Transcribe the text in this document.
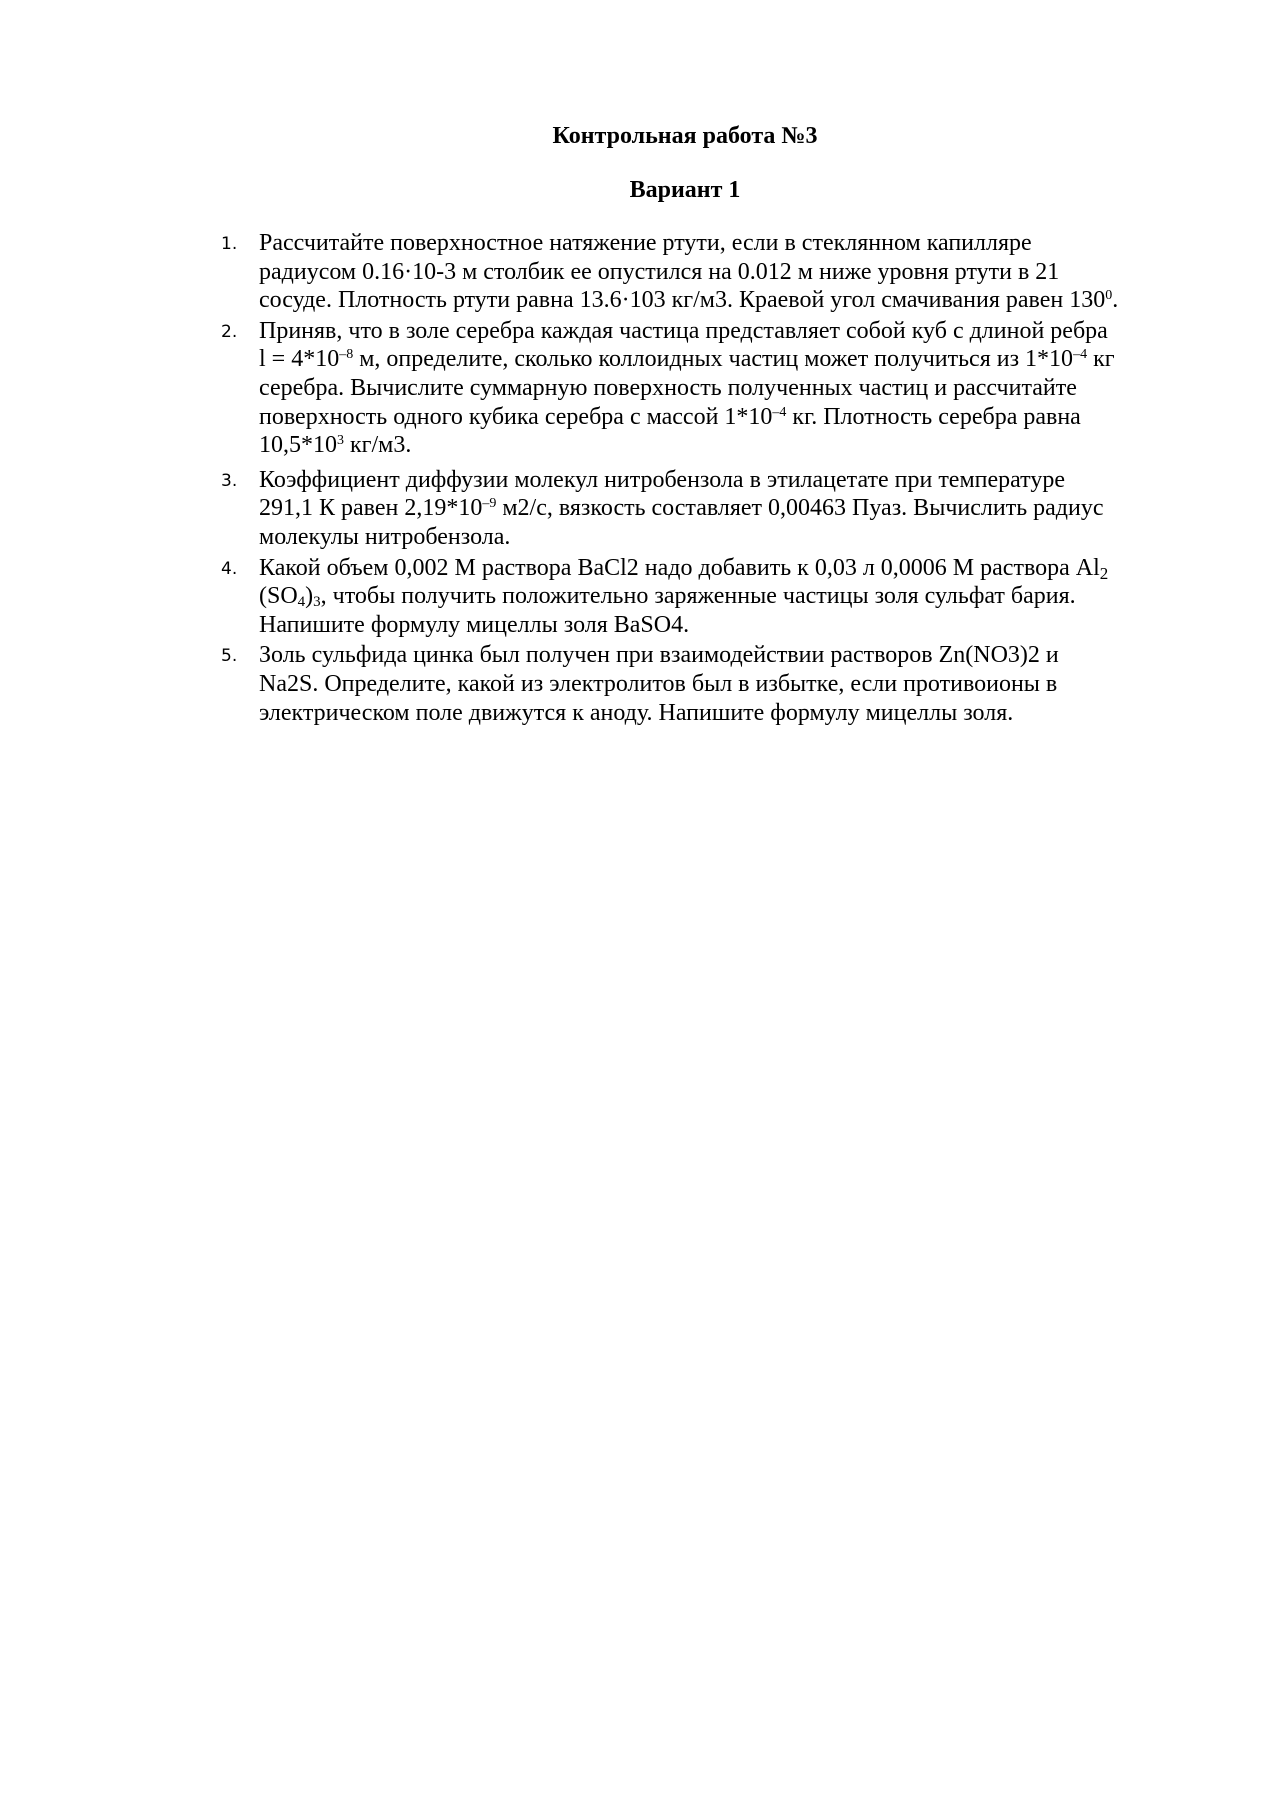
Контрольная работа №3
Вариант 1
1. Рассчитайте поверхностное натяжение ртути, если в стеклянном капилляре
радиусом 0.16·10-3 м столбик ее опустился на 0.012 м ниже уровня ртути в 21
сосуде. Плотность ртути равна 13.6·103 кг/м3. Краевой угол смачивания равен $130^0$.
2. Приняв, что в золе серебра каждая частица представляет собой куб с длиной ребра
$l = 4*10^{-8}$ м, определите, сколько коллоидных частиц может получиться из $1*10^{-4}$ кг
серебра. Вычислите суммарную поверхность полученных частиц и рассчитайте
поверхность одного кубика серебра с массой $1*10^{-4}$ кг. Плотность серебра равна
$10,5*10^3$ кг/м3.
3. Коэффициент диффузии молекул нитробензола в этилацетате при температуре
291,1 К равен $2,19*10^{-9}$ м2/с, вязкость составляет 0,00463 Пуаз. Вычислить радиус
молекулы нитробензола.
4. Какой объем 0,002 М раствора BaCl2 надо добавить к 0,03 л 0,0006 М раствора $Al_2$
(SO4)3, чтобы получить положительно заряженные частицы золя сульфат бария.
Напишите формулу мицеллы золя BaSO4.
5. Золь сульфида цинка был получен при взаимодействии растворов Zn(NO3)2 и
Na2S. Определите, какой из электролитов был в избытке, если противоионы в
электрическом поле движутся к аноду. Напишите формулу мицеллы золя.
